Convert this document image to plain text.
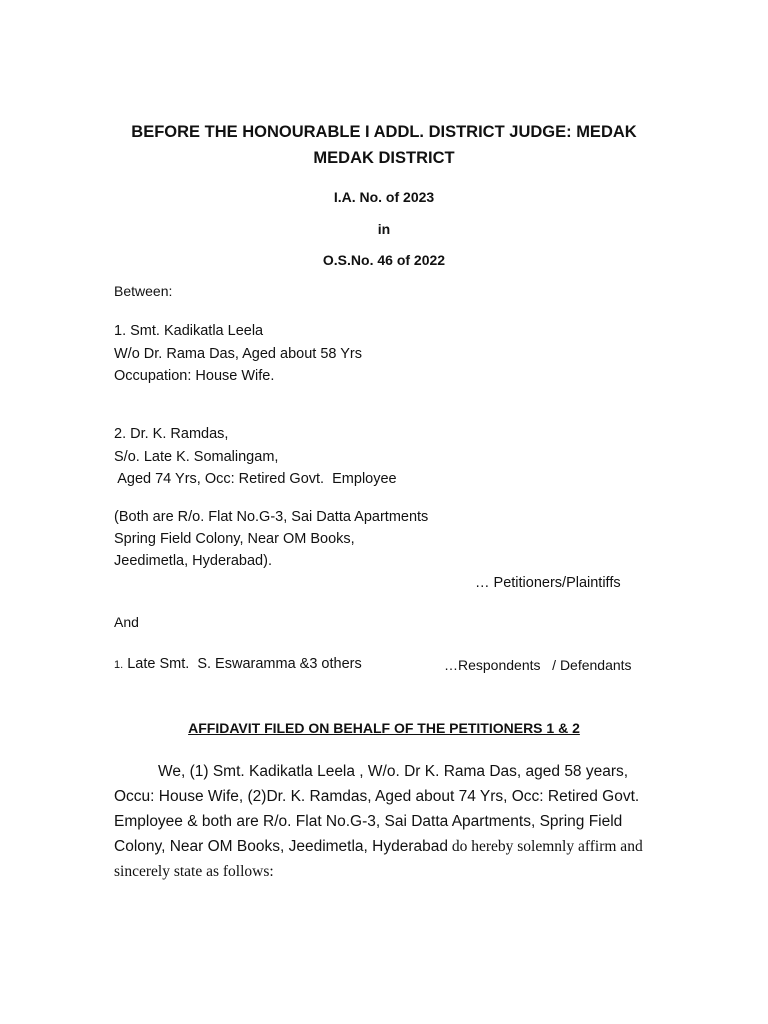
BEFORE THE HONOURABLE I ADDL. DISTRICT JUDGE: MEDAK
MEDAK DISTRICT
I.A. No. of 2023
in
O.S.No. 46 of 2022
Between:
1. Smt. Kadikatla Leela
W/o Dr. Rama Das, Aged about 58 Yrs
Occupation: House Wife.
2. Dr. K. Ramdas,
S/o. Late K. Somalingam,
Aged 74 Yrs, Occ: Retired Govt.  Employee
(Both are R/o. Flat No.G-3, Sai Datta Apartments
Spring Field Colony, Near OM Books,
Jeedimetla, Hyderabad).
… Petitioners/Plaintiffs
And
1. Late Smt.  S. Eswaramma &3 others	…Respondents   / Defendants
AFFIDAVIT FILED ON BEHALF OF THE PETITIONERS 1 & 2
We, (1) Smt. Kadikatla Leela , W/o. Dr K. Rama Das, aged 58 years, Occu: House Wife, (2)Dr. K. Ramdas, Aged about 74 Yrs, Occ: Retired Govt. Employee & both are R/o. Flat No.G-3, Sai Datta Apartments, Spring Field Colony, Near OM Books, Jeedimetla, Hyderabad do hereby solemnly affirm and sincerely state as follows:
